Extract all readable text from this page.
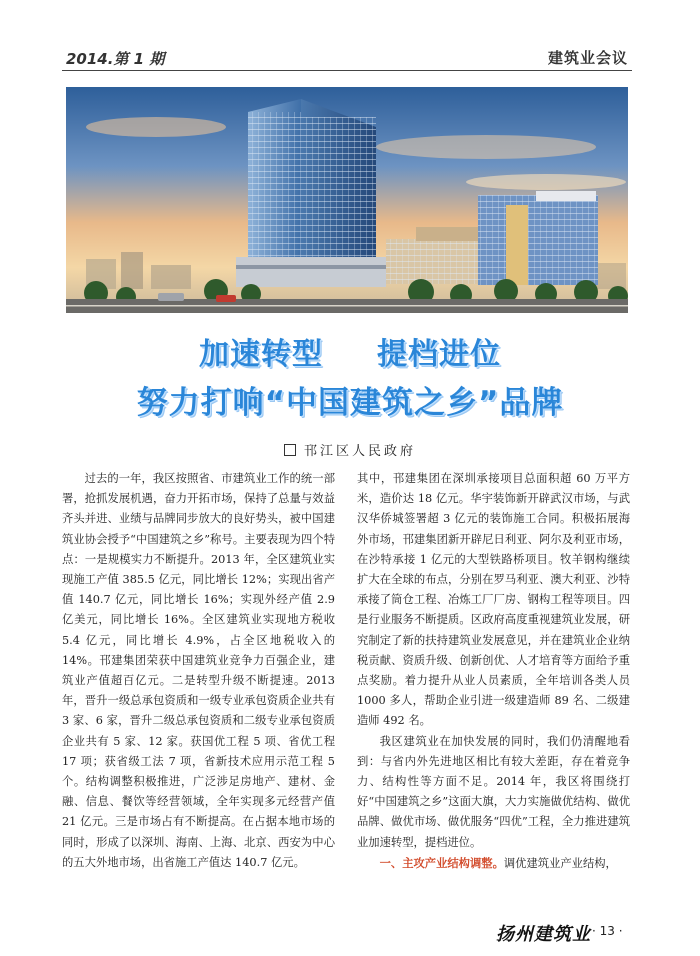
2014.第 1 期	建筑业会议
加速转型 提档进位
努力打响“中国建筑之乡”品牌
邗江区人民政府

过去的一年，我区按照省、市建筑业工作的统一部署，抢抓发展机遇，奋力开拓市场，保持了总量与效益齐头并进、业绩与品牌同步放大的良好势头，被中国建筑业协会授予“中国建筑之乡”称号。主要表现为四个特点：一是规模实力不断提升。2013 年，全区建筑业实现施工产值 385.5 亿元，同比增长 12%；实现出省产值 140.7 亿元，同比增长 16%；实现外经产值 2.9 亿美元，同比增长 16%。全区建筑业实现地方税收 5.4 亿元，同比增长 4.9%，占全区地税收入的 14%。邗建集团荣获中国建筑业竞争力百强企业，建筑业产值超百亿元。二是转型升级不断提速。2013 年，晋升一级总承包资质和一级专业承包资质企业共有 3 家、6 家，晋升二级总承包资质和二级专业承包资质企业共有 5 家、12 家。获国优工程 5 项、省优工程 17 项；获省级工法 7 项，省新技术应用示范工程 5 个。结构调整积极推进，广泛涉足房地产、建材、金融、信息、餐饮等经营领域，全年实现多元经营产值 21 亿元。三是市场占有不断提高。在占据本地市场的同时，形成了以深圳、海南、上海、北京、西安为中心的五大外地市场，出省施工产值达 140.7 亿元。

其中，邗建集团在深圳承接项目总面积超 60 万平方米，造价达 18 亿元。华宇装饰新开辟武汉市场，与武汉华侨城签署超 3 亿元的装饰施工合同。积极拓展海外市场，邗建集团新开辟尼日利亚、阿尔及利亚市场，在沙特承接 1 亿元的大型铁路桥项目。牧羊钢构继续扩大在全球的布点，分别在罗马利亚、澳大利亚、沙特承接了筒仓工程、冶炼工厂厂房、钢构工程等项目。四是行业服务不断提质。区政府高度重视建筑业发展，研究制定了新的扶持建筑业发展意见，并在建筑业企业纳税贡献、资质升级、创新创优、人才培育等方面给予重点奖励。着力提升从业人员素质，全年培训各类人员 1000 多人，帮助企业引进一级建造师 89 名、二级建造师 492 名。

我区建筑业在加快发展的同时，我们仍清醒地看到：与省内外先进地区相比有较大差距，存在着竞争力、结构性等方面不足。2014 年，我区将围绕打好“中国建筑之乡”这面大旗，大力实施做优结构、做优品牌、做优市场、做优服务“四优”工程，全力推进建筑业加速转型，提档进位。

一、主攻产业结构调整。调优建筑业产业结构，

扬州建筑业 · 13 ·
